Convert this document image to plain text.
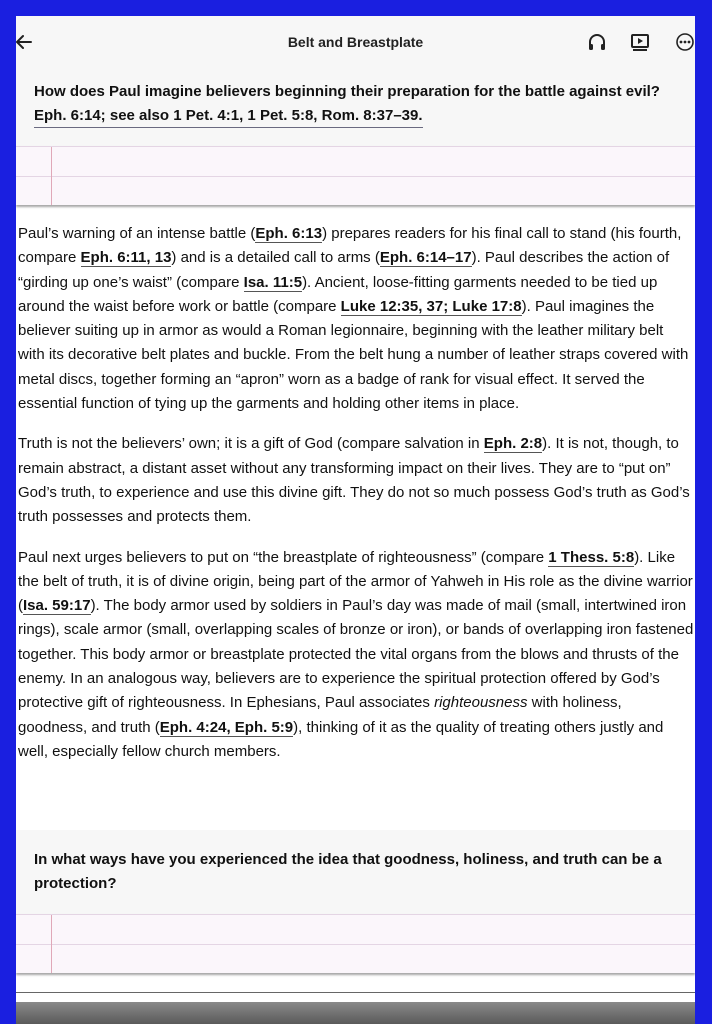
Belt and Breastplate
How does Paul imagine believers beginning their preparation for the battle against evil?
Eph. 6:14; see also 1 Pet. 4:1, 1 Pet. 5:8, Rom. 8:37–39.

Paul’s warning of an intense battle (Eph. 6:13) prepares readers for his final call to stand (his fourth, compare Eph. 6:11, 13) and is a detailed call to arms (Eph. 6:14–17). Paul describes the action of “girding up one’s waist” (compare Isa. 11:5). Ancient, loose-fitting garments needed to be tied up around the waist before work or battle (compare Luke 12:35, 37; Luke 17:8). Paul imagines the believer suiting up in armor as would a Roman legionnaire, beginning with the leather military belt with its decorative belt plates and buckle. From the belt hung a number of leather straps covered with metal discs, together forming an “apron” worn as a badge of rank for visual effect. It served the essential function of tying up the garments and holding other items in place.

Truth is not the believers’ own; it is a gift of God (compare salvation in Eph. 2:8). It is not, though, to remain abstract, a distant asset without any transforming impact on their lives. They are to “put on” God’s truth, to experience and use this divine gift. They do not so much possess God’s truth as God’s truth possesses and protects them.

Paul next urges believers to put on “the breastplate of righteousness” (compare 1 Thess. 5:8). Like the belt of truth, it is of divine origin, being part of the armor of Yahweh in His role as the divine warrior (Isa. 59:17). The body armor used by soldiers in Paul’s day was made of mail (small, intertwined iron rings), scale armor (small, overlapping scales of bronze or iron), or bands of overlapping iron fastened together. This body armor or breastplate protected the vital organs from the blows and thrusts of the enemy. In an analogous way, believers are to experience the spiritual protection offered by God’s protective gift of righteousness. In Ephesians, Paul associates righteousness with holiness, goodness, and truth (Eph. 4:24, Eph. 5:9), thinking of it as the quality of treating others justly and well, especially fellow church members.

In what ways have you experienced the idea that goodness, holiness, and truth can be a protection?
